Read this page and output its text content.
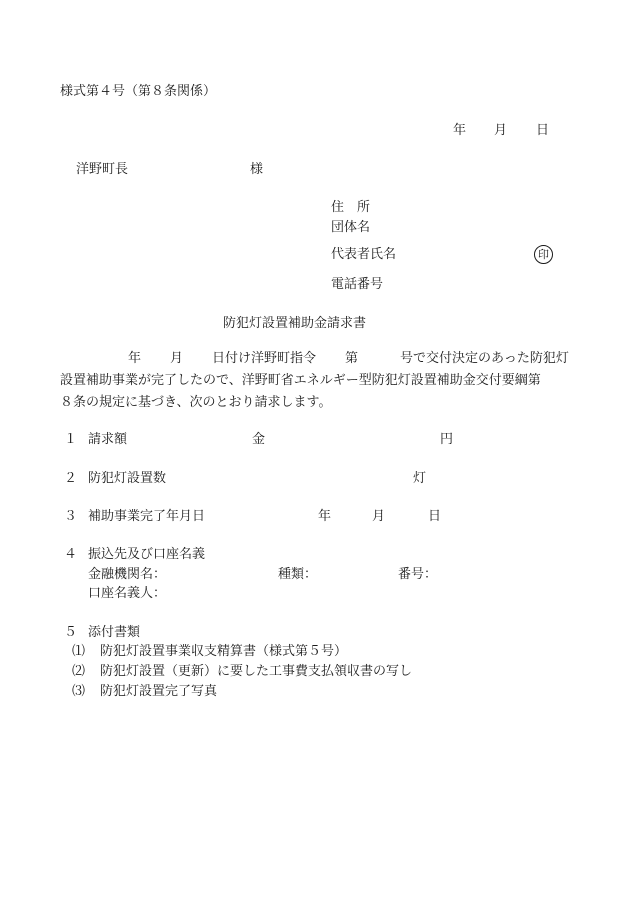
様式第４号（第８条関係）
年 月 日
洋野町長	様
住　所
団体名
代表者氏名	印
電話番号
防犯灯設置補助金請求書
年 月 日付け洋野町指令 第	号で交付決定のあった防犯灯
設置補助事業が完了したので、洋野町省エネルギー型防犯灯設置補助金交付要綱第
８条の規定に基づき、次のとおり請求します。
１ 請求額	金	円
２ 防犯灯設置数	灯
３ 補助事業完了年月日	年	月	日
４ 振込先及び口座名義
金融機関名：	種類：	番号：
口座名義人：
５ 添付書類
⑴ 防犯灯設置事業収支精算書（様式第５号）
⑵ 防犯灯設置（更新）に要した工事費支払領収書の写し
⑶ 防犯灯設置完了写真
